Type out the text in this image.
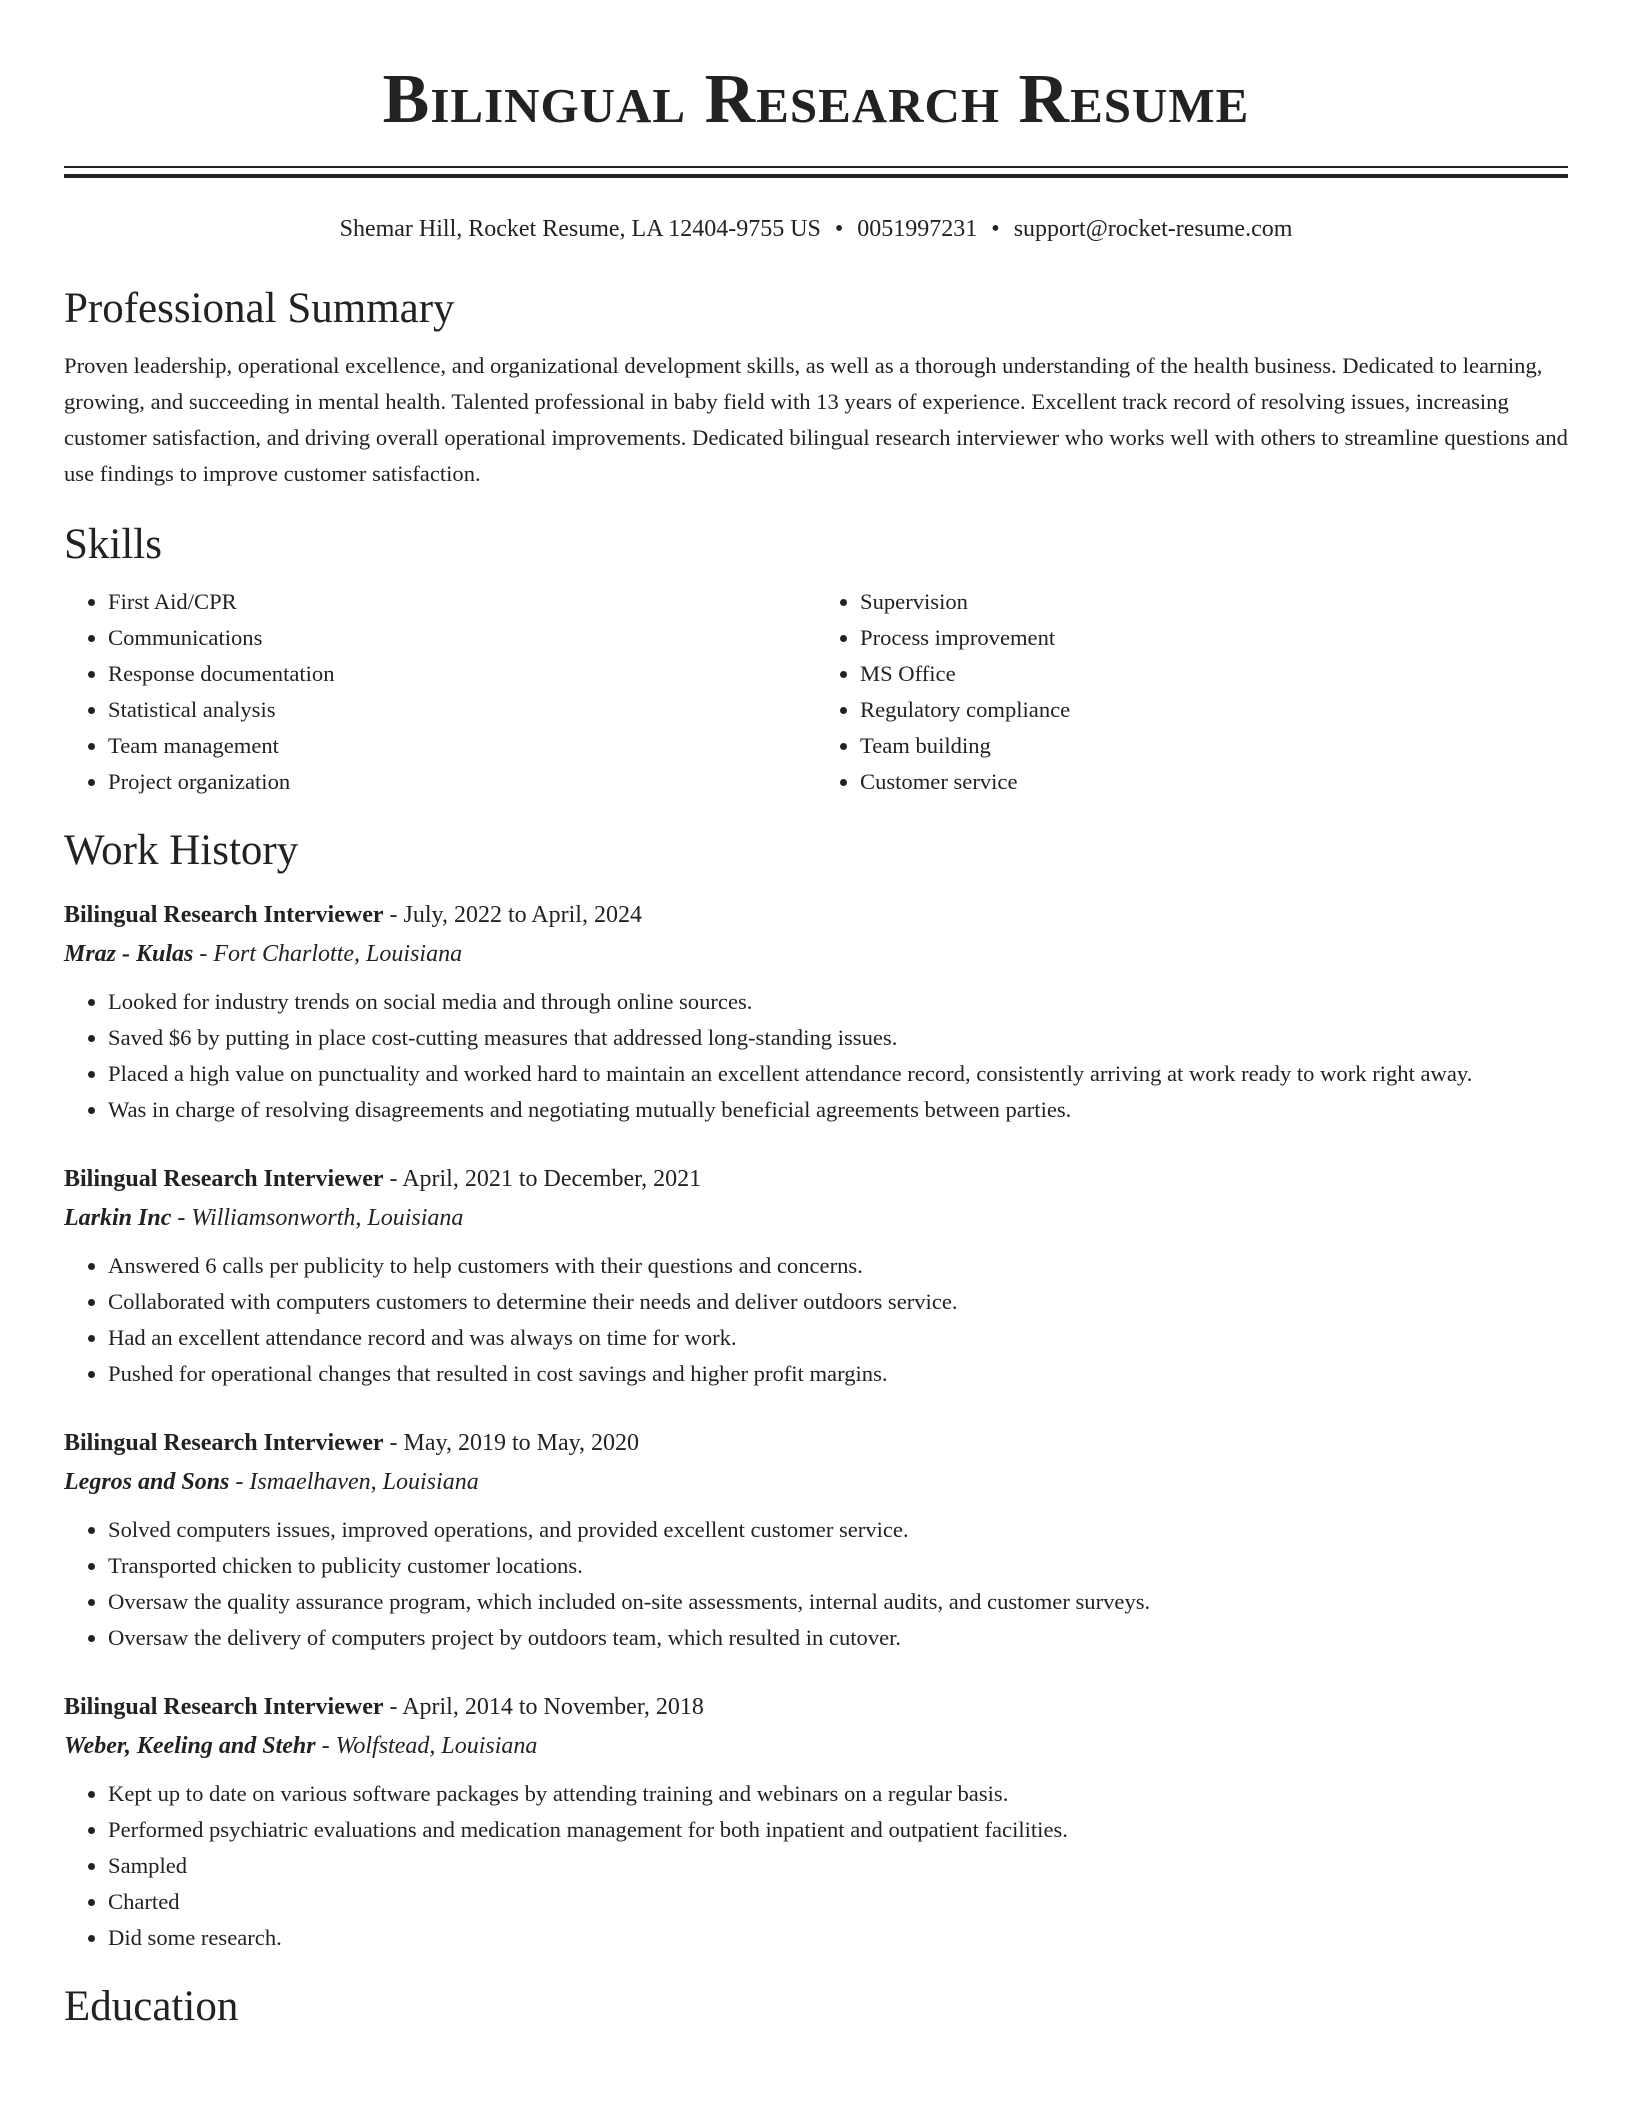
Bilingual Research Resume
Shemar Hill, Rocket Resume, LA 12404-9755 US • 0051997231 • support@rocket-resume.com
Professional Summary

Proven leadership, operational excellence, and organizational development skills, as well as a thorough understanding of the health business. Dedicated to learning, growing, and succeeding in mental health. Talented professional in baby field with 13 years of experience. Excellent track record of resolving issues, increasing customer satisfaction, and driving overall operational improvements. Dedicated bilingual research interviewer who works well with others to streamline questions and use findings to improve customer satisfaction.

Skills
• First Aid/CPR
• Communications
• Response documentation
• Statistical analysis
• Team management
• Project organization
• Supervision
• Process improvement
• MS Office
• Regulatory compliance
• Team building
• Customer service
Work History
Bilingual Research Interviewer - July, 2022 to April, 2024
Mraz - Kulas - Fort Charlotte, Louisiana
• Looked for industry trends on social media and through online sources.
• Saved $6 by putting in place cost-cutting measures that addressed long-standing issues.
• Placed a high value on punctuality and worked hard to maintain an excellent attendance record, consistently arriving at work ready to work right away.
• Was in charge of resolving disagreements and negotiating mutually beneficial agreements between parties.
Bilingual Research Interviewer - April, 2021 to December, 2021
Larkin Inc - Williamsonworth, Louisiana
• Answered 6 calls per publicity to help customers with their questions and concerns.
• Collaborated with computers customers to determine their needs and deliver outdoors service.
• Had an excellent attendance record and was always on time for work.
• Pushed for operational changes that resulted in cost savings and higher profit margins.
Bilingual Research Interviewer - May, 2019 to May, 2020
Legros and Sons - Ismaelhaven, Louisiana
• Solved computers issues, improved operations, and provided excellent customer service.
• Transported chicken to publicity customer locations.
• Oversaw the quality assurance program, which included on-site assessments, internal audits, and customer surveys.
• Oversaw the delivery of computers project by outdoors team, which resulted in cutover.
Bilingual Research Interviewer - April, 2014 to November, 2018
Weber, Keeling and Stehr - Wolfstead, Louisiana
• Kept up to date on various software packages by attending training and webinars on a regular basis.
• Performed psychiatric evaluations and medication management for both inpatient and outpatient facilities.
• Sampled
• Charted
• Did some research.
Education
